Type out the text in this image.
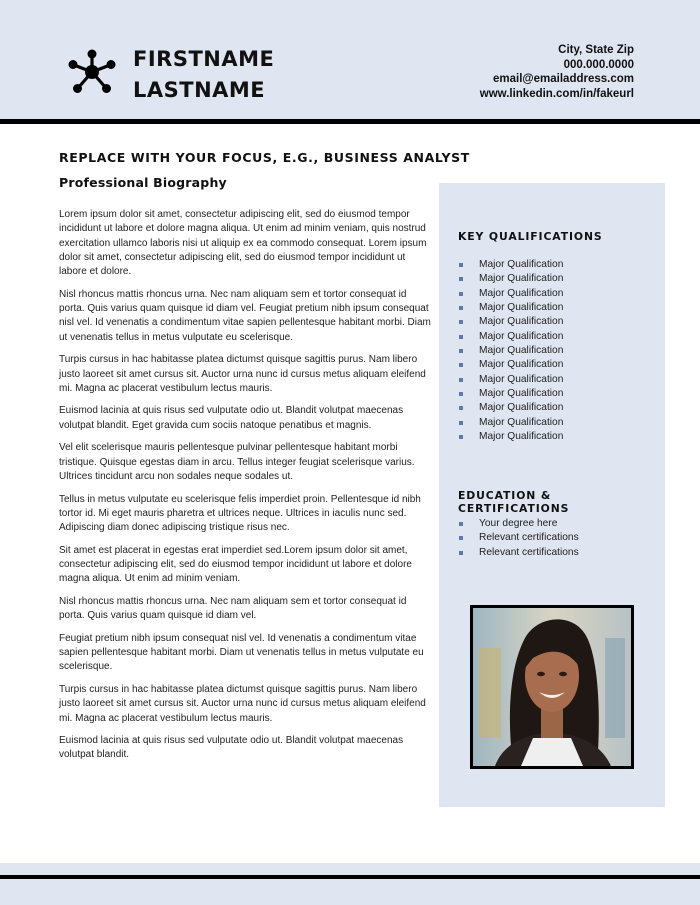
FIRSTNAME
LASTNAME
City, State Zip
000.000.0000
email@emailaddress.com
www.linkedin.com/in/fakeurl
REPLACE WITH YOUR FOCUS, E.G., BUSINESS ANALYST
Professional Biography

Lorem ipsum dolor sit amet, consectetur adipiscing elit, sed do eiusmod tempor incididunt ut labore et dolore magna aliqua. Ut enim ad minim veniam, quis nostrud exercitation ullamco laboris nisi ut aliquip ex ea commodo consequat. Lorem ipsum dolor sit amet, consectetur adipiscing elit, sed do eiusmod tempor incididunt ut labore et dolore.

Nisl rhoncus mattis rhoncus urna. Nec nam aliquam sem et tortor consequat id porta. Quis varius quam quisque id diam vel. Feugiat pretium nibh ipsum consequat nisl vel. Id venenatis a condimentum vitae sapien pellentesque habitant morbi. Diam ut venenatis tellus in metus vulputate eu scelerisque.

Turpis cursus in hac habitasse platea dictumst quisque sagittis purus. Nam libero justo laoreet sit amet cursus sit. Auctor urna nunc id cursus metus aliquam eleifend mi. Magna ac placerat vestibulum lectus mauris.

Euismod lacinia at quis risus sed vulputate odio ut. Blandit volutpat maecenas volutpat blandit. Eget gravida cum sociis natoque penatibus et magnis.

Vel elit scelerisque mauris pellentesque pulvinar pellentesque habitant morbi tristique. Quisque egestas diam in arcu. Tellus integer feugiat scelerisque varius. Ultrices tincidunt arcu non sodales neque sodales ut.

Tellus in metus vulputate eu scelerisque felis imperdiet proin. Pellentesque id nibh tortor id. Mi eget mauris pharetra et ultrices neque. Ultrices in iaculis nunc sed. Adipiscing diam donec adipiscing tristique risus nec.

Sit amet est placerat in egestas erat imperdiet sed.Lorem ipsum dolor sit amet, consectetur adipiscing elit, sed do eiusmod tempor incididunt ut labore et dolore magna aliqua. Ut enim ad minim veniam.

Nisl rhoncus mattis rhoncus urna. Nec nam aliquam sem et tortor consequat id porta. Quis varius quam quisque id diam vel.

Feugiat pretium nibh ipsum consequat nisl vel. Id venenatis a condimentum vitae sapien pellentesque habitant morbi. Diam ut venenatis tellus in metus vulputate eu scelerisque.

Turpis cursus in hac habitasse platea dictumst quisque sagittis purus. Nam libero justo laoreet sit amet cursus sit. Auctor urna nunc id cursus metus aliquam eleifend mi. Magna ac placerat vestibulum lectus mauris.

Euismod lacinia at quis risus sed vulputate odio ut. Blandit volutpat maecenas volutpat blandit.

KEY QUALIFICATIONS
Major Qualification
Major Qualification
Major Qualification
Major Qualification
Major Qualification
Major Qualification
Major Qualification
Major Qualification
Major Qualification
Major Qualification
Major Qualification
Major Qualification
Major Qualification
EDUCATION & CERTIFICATIONS
Your degree here
Relevant certifications
Relevant certifications
